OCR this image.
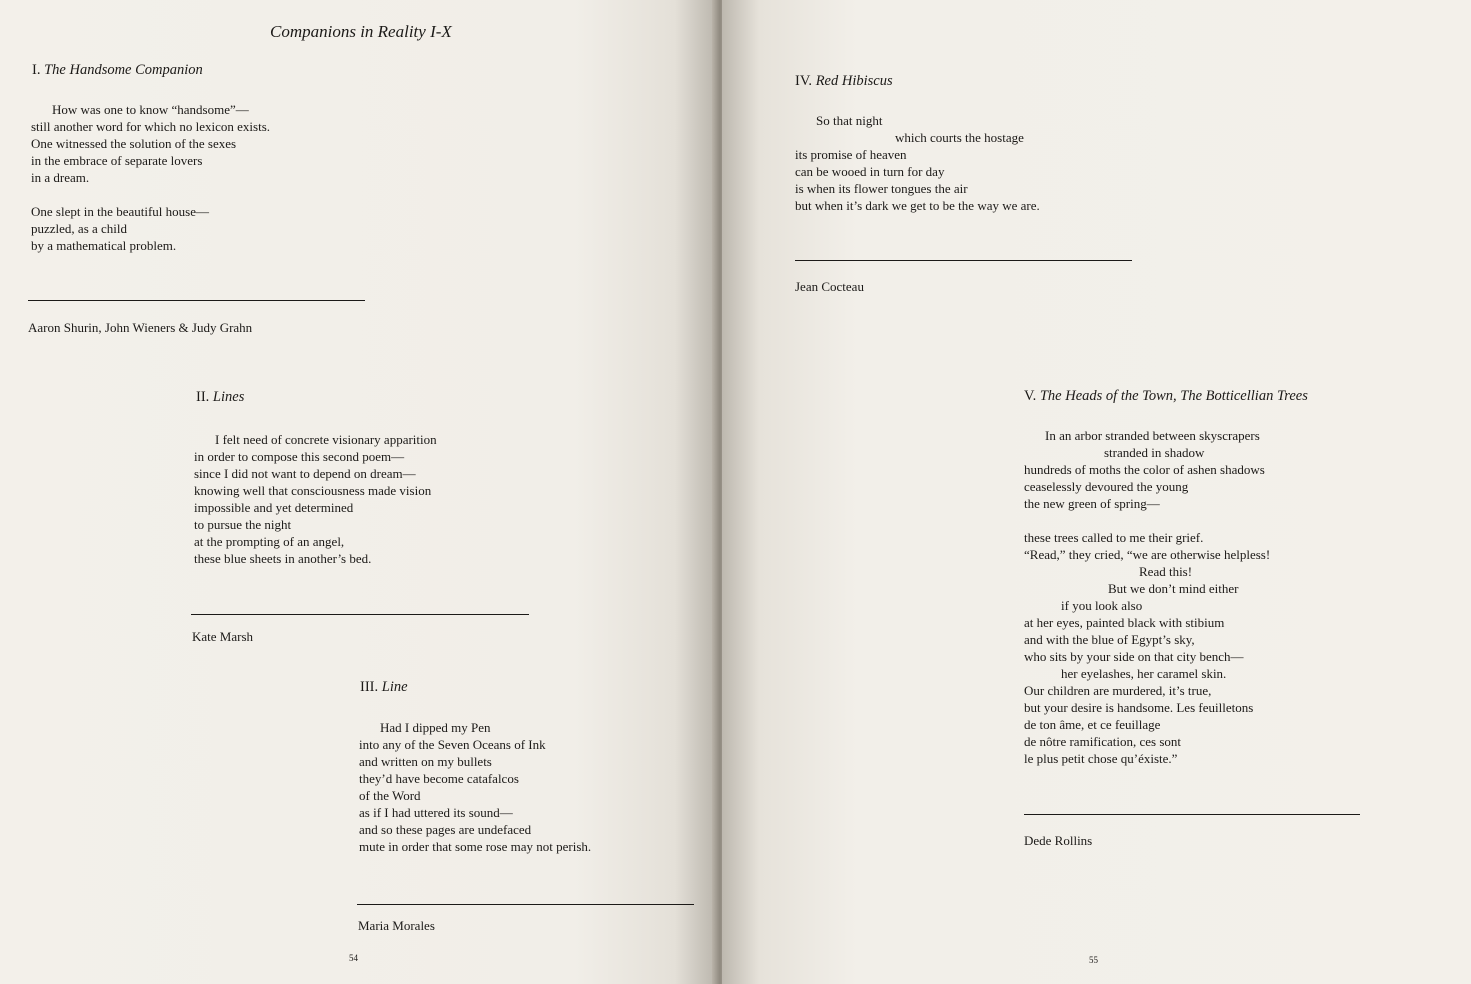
Companions in Reality I-X
I. The Handsome Companion
How was one to know “handsome”—
still another word for which no lexicon exists.
One witnessed the solution of the sexes
in the embrace of separate lovers
in a dream.
One slept in the beautiful house—
puzzled, as a child
by a mathematical problem.
Aaron Shurin, John Wieners & Judy Grahn
II. Lines
I felt need of concrete visionary apparition
in order to compose this second poem—
since I did not want to depend on dream—
knowing well that consciousness made vision
impossible and yet determined
to pursue the night
at the prompting of an angel,
these blue sheets in another’s bed.
Kate Marsh
III. Line
Had I dipped my Pen
into any of the Seven Oceans of Ink
and written on my bullets
they’d have become catafalcos
of the Word
as if I had uttered its sound—
and so these pages are undefaced
mute in order that some rose may not perish.
Maria Morales
54
IV. Red Hibiscus
So that night
which courts the hostage
its promise of heaven
can be wooed in turn for day
is when its flower tongues the air
but when it’s dark we get to be the way we are.
Jean Cocteau
V. The Heads of the Town, The Botticellian Trees
In an arbor stranded between skyscrapers
stranded in shadow
hundreds of moths the color of ashen shadows
ceaselessly devoured the young
the new green of spring—
these trees called to me their grief.
“Read,” they cried, “we are otherwise helpless!
Read this!
But we don’t mind either
if you look also
at her eyes, painted black with stibium
and with the blue of Egypt’s sky,
who sits by your side on that city bench—
her eyelashes, her caramel skin.
Our children are murdered, it’s true,
but your desire is handsome. Les feuilletons
de ton âme, et ce feuillage
de nôtre ramification, ces sont
le plus petit chose qu’éxiste.”
Dede Rollins
55
